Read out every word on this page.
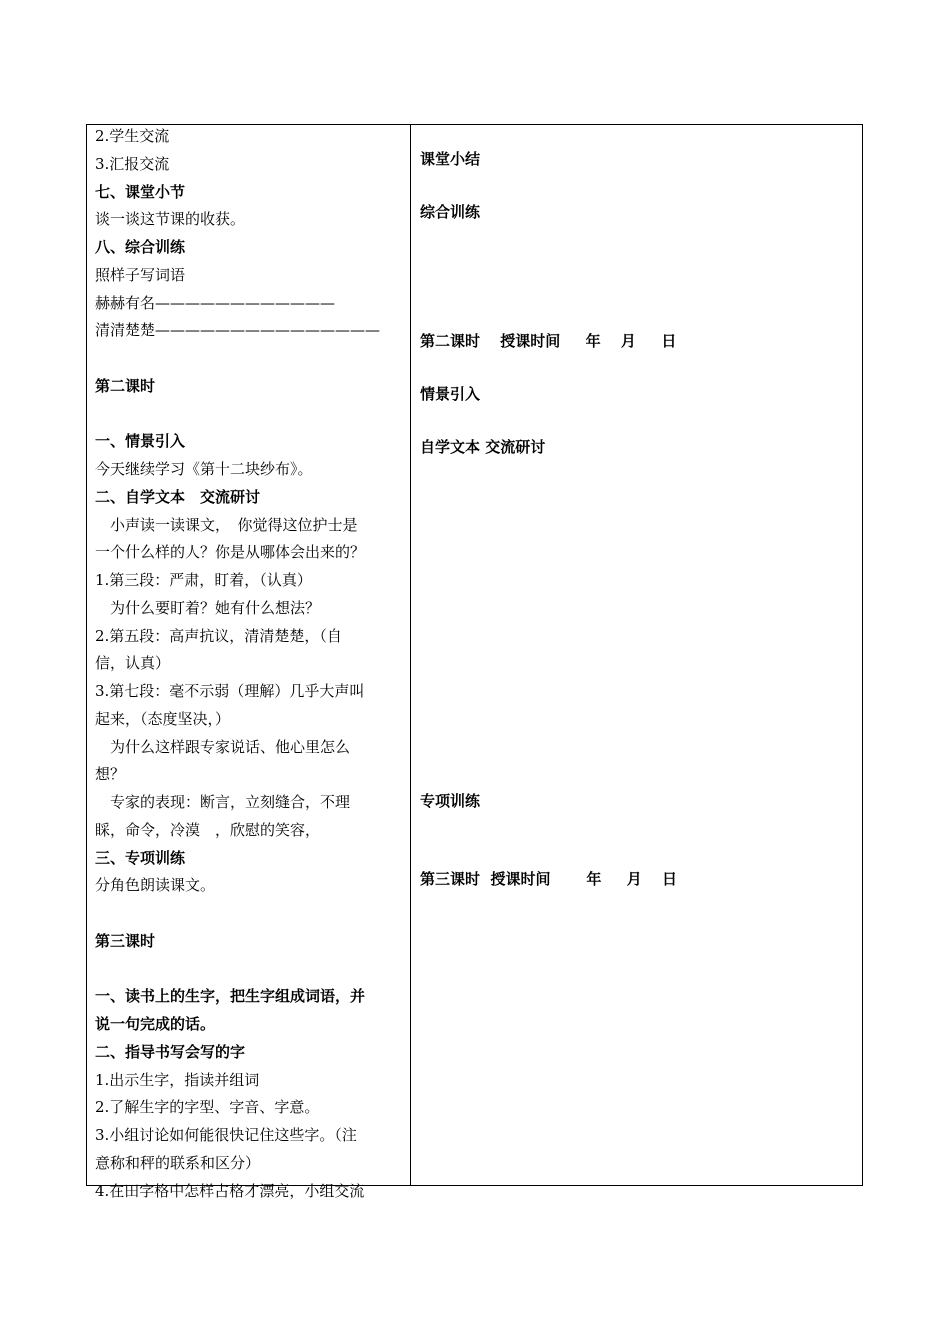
2.学生交流
3.汇报交流
七、课堂小节
谈一谈这节课的收获。
八、综合训练
照样子写词语
赫赫有名————————————
清清楚楚———————————————
第二课时
一、情景引入
今天继续学习《第十二块纱布》。
二、自学文本　交流研讨
　小声读一读课文，　你觉得这位护士是
一个什么样的人？你是从哪体会出来的？
1.第三段：严肃，盯着，（认真）
　为什么要盯着？她有什么想法？
2.第五段：高声抗议，清清楚楚，（自
信，认真）
3.第七段：毫不示弱（理解）几乎大声叫
起来，（态度坚决，）
　为什么这样跟专家说话、他心里怎么
想？
　专家的表现：断言，立刻缝合，不理
睬，命令，冷漠　，欣慰的笑容，
三、专项训练
分角色朗读课文。
第三课时
一、读书上的生字，把生字组成词语，并
说一句完成的话。
二、指导书写会写的字
1.出示生字，指读并组词
2.了解生字的字型、字音、字意。
3.小组讨论如何能很快记住这些字。（注
意称和秤的联系和区分）
4.在田字格中怎样占格才漂亮，小组交流
课堂小结
综合训练
第二课时　 授课时间　  年 　月 　 日
情景引入
自学文本 交流研讨
专项训练
第三课时  授课时间  　  年　  月 　日
